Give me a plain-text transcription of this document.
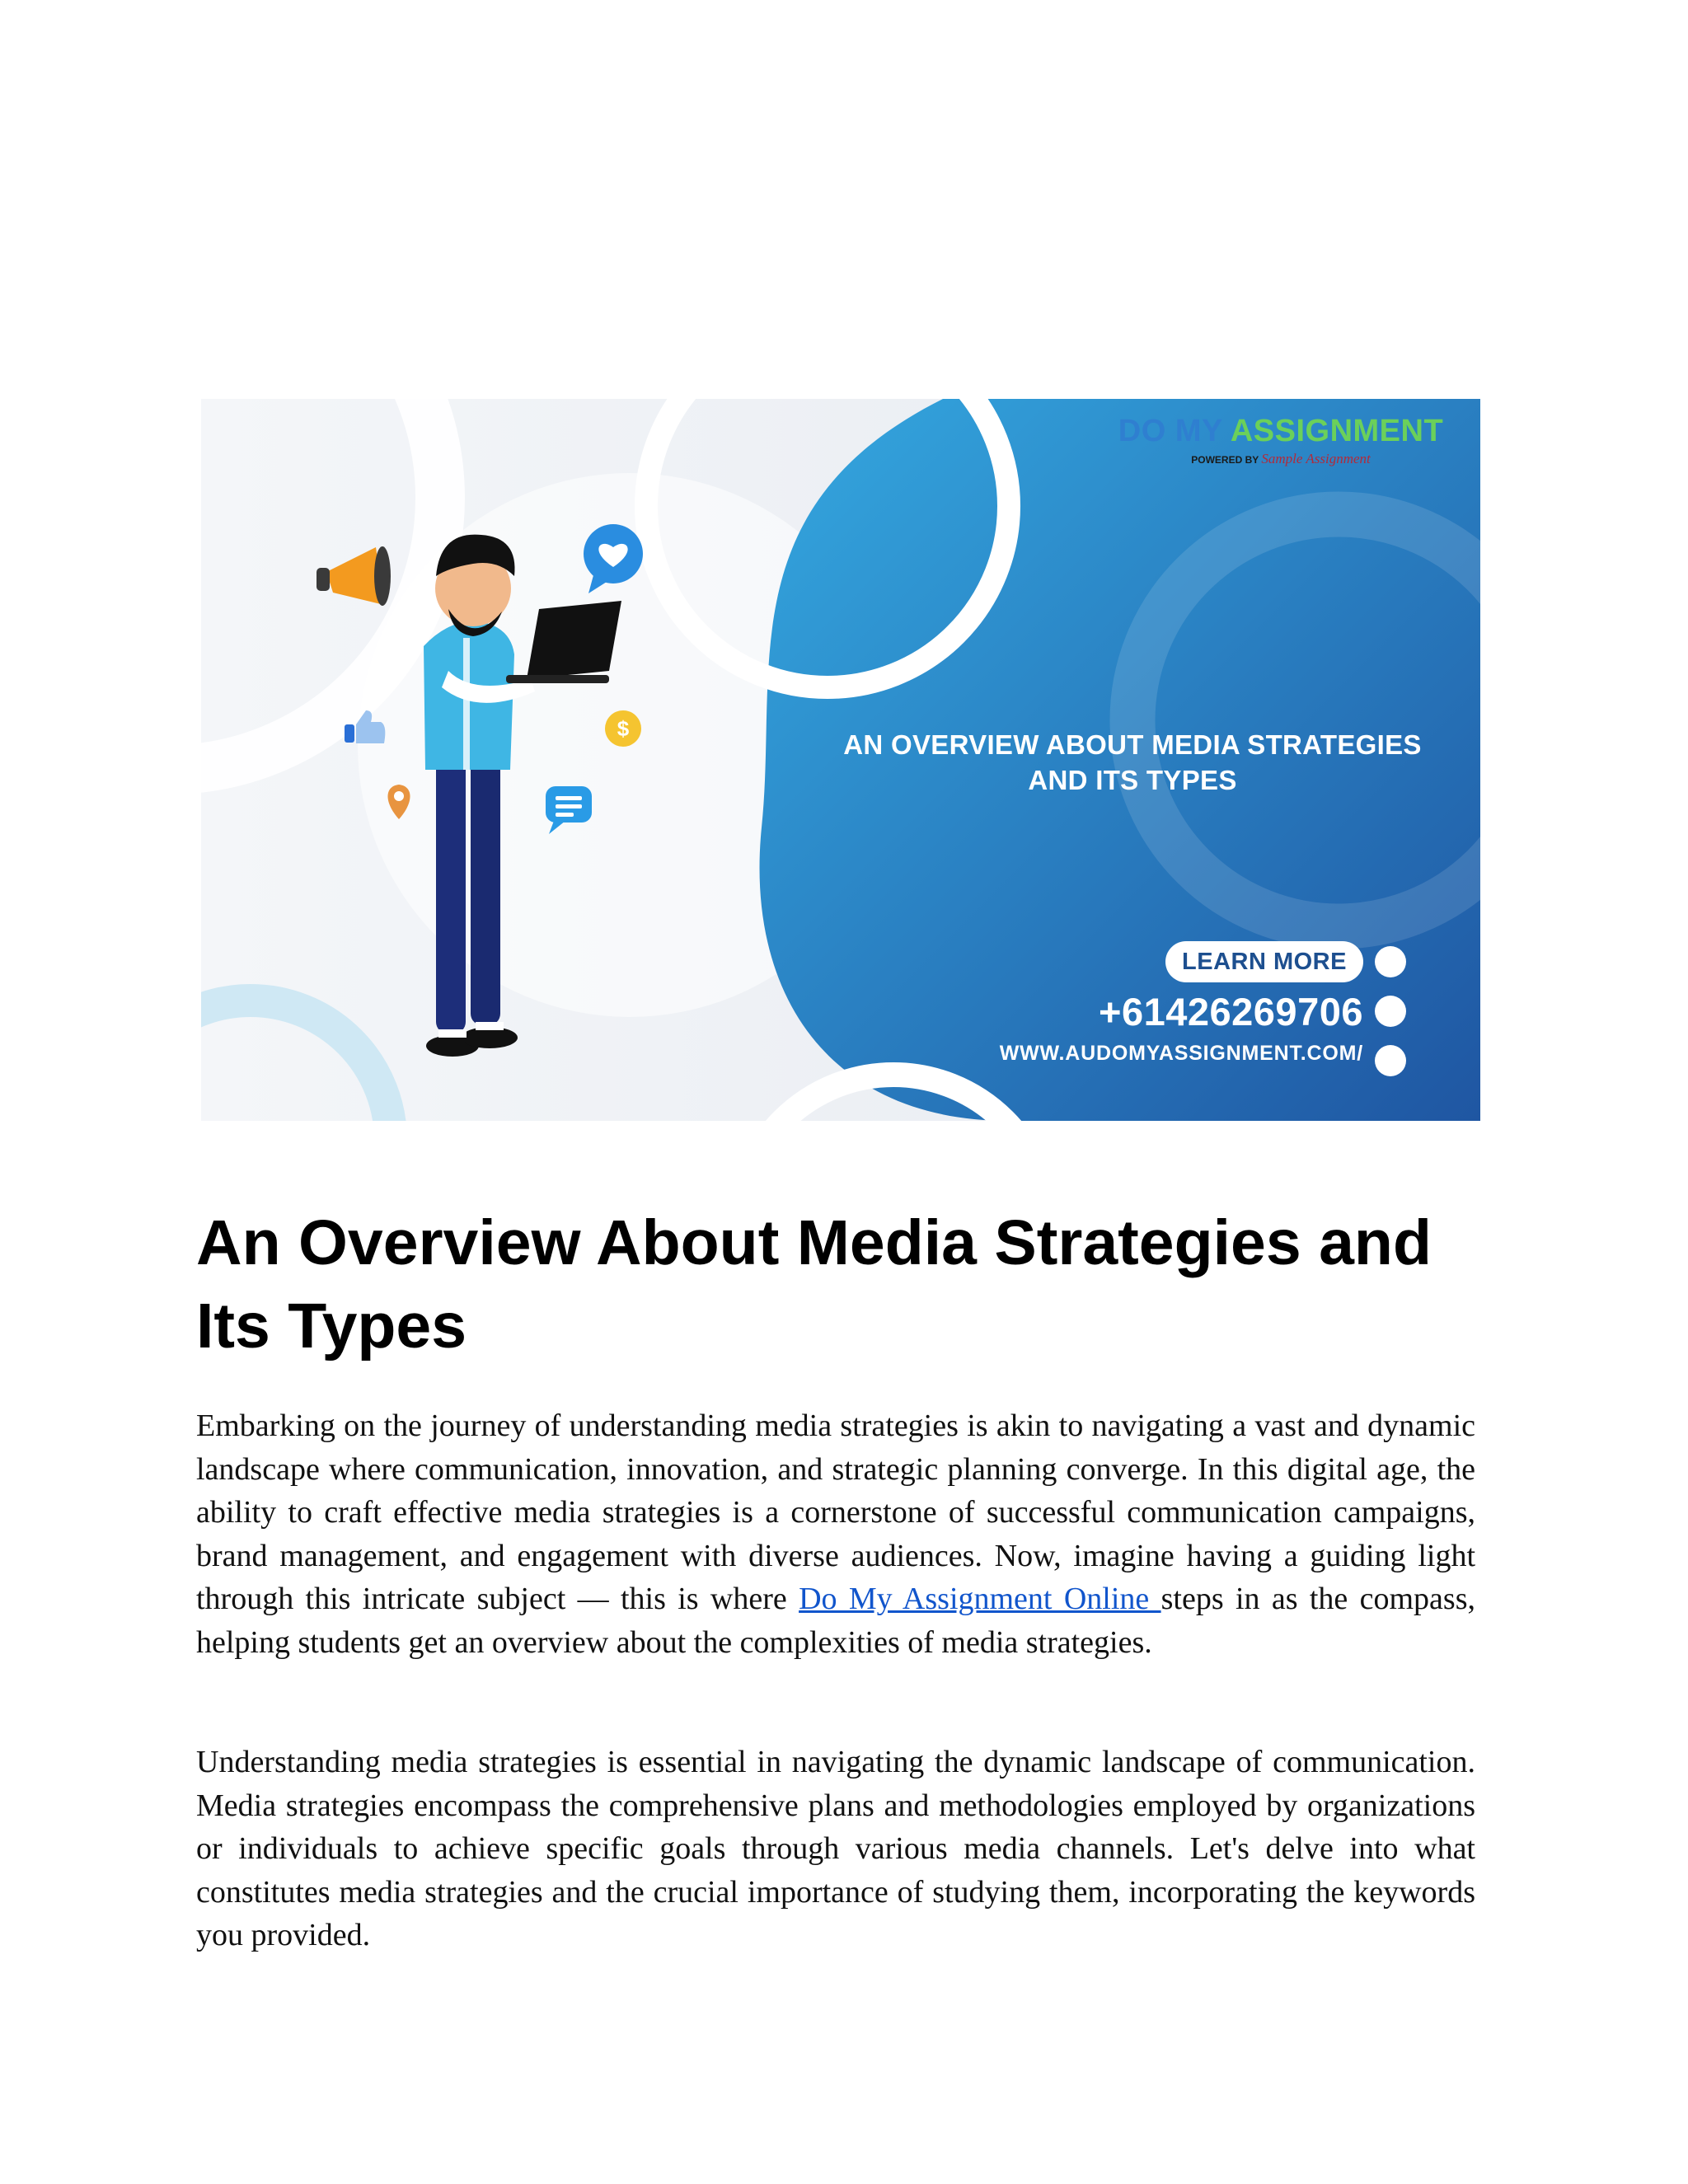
$
DO MY ASSIGNMENT
POWERED BY Sample Assignment
AN OVERVIEW ABOUT MEDIA STRATEGIES
AND ITS TYPES
LEARN MORE
+61426269706
WWW.AUDOMYASSIGNMENT.COM/
An Overview About Media Strategies and Its Types

Embarking on the journey of understanding media strategies is akin to navigating a vast and dynamic landscape where communication, innovation, and strategic planning converge. In this digital age, the ability to craft effective media strategies is a cornerstone of successful communication campaigns, brand management, and engagement with diverse audiences. Now, imagine having a guiding light through this intricate subject — this is where Do My Assignment Online steps in as the compass, helping students get an overview about the complexities of media strategies.

Understanding media strategies is essential in navigating the dynamic landscape of communication. Media strategies encompass the comprehensive plans and methodologies employed by organizations or individuals to achieve specific goals through various media channels. Let's delve into what constitutes media strategies and the crucial importance of studying them, incorporating the keywords you provided.
